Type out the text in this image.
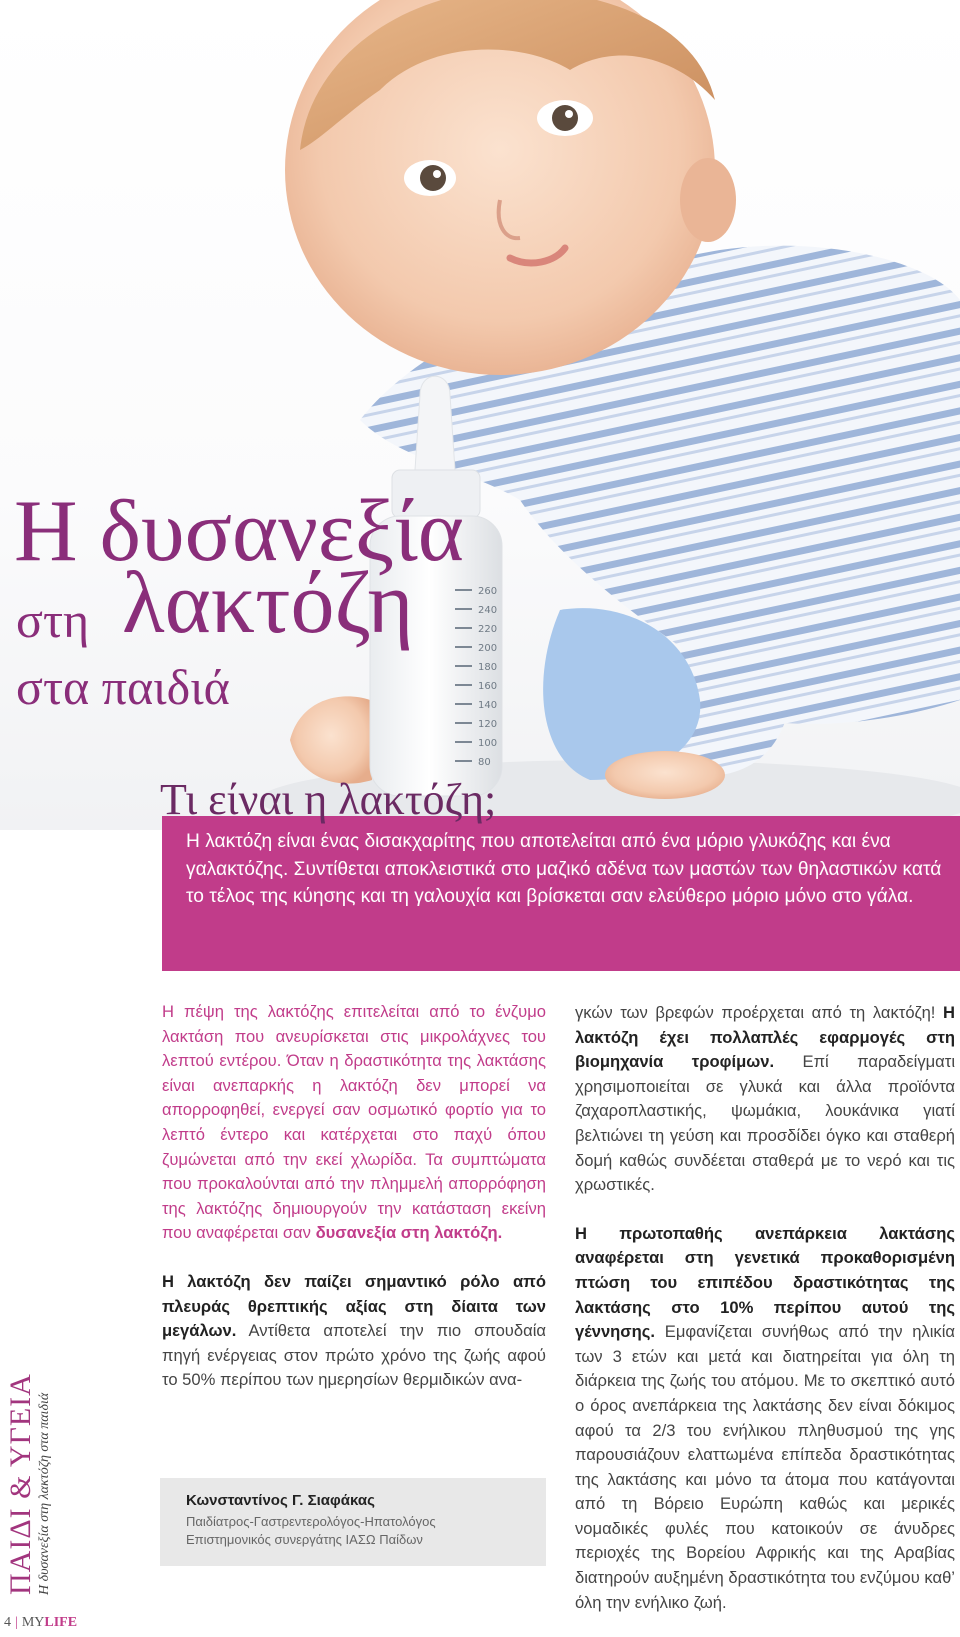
260
240
220
200
180
160
140
120
100
80
Η δυσανεξία
στη λακτόζη
στα παιδιά
Τι είναι η λακτόζη;

Η λακτόζη είναι ένας δισακχαρίτης που αποτελείται από ένα μόριο γλυκόζης και ένα γαλακτόζης. Συντίθεται αποκλειστικά στο μαζικό αδένα των μαστών των θηλαστικών κατά το τέλος της κύησης και τη γαλουχία και βρίσκεται σαν ελεύθερο μόριο μόνο στο γάλα.

Η πέψη της λακτόζης επιτελείται από το ένζυμο λακτάση που ανευρίσκεται στις μικρολάχνες του λεπτού εντέρου. Όταν η δραστικότητα της λακτάσης είναι ανεπαρκής η λακτόζη δεν μπορεί να απορροφηθεί, ενεργεί σαν οσμωτικό φορτίο για το λεπτό έντερο και κατέρχεται στο παχύ όπου ζυμώνεται από την εκεί χλωρίδα. Τα συμπτώματα που προκαλούνται από την πλημμελή απορρόφηση της λακτόζης δημιουργούν την κατάσταση εκείνη που αναφέρεται σαν δυσανεξία στη λακτόζη.

Η λακτόζη δεν παίζει σημαντικό ρόλο από πλευράς θρεπτικής αξίας στη δίαιτα των μεγάλων. Αντίθετα αποτελεί την πιο σπουδαία πηγή ενέργειας στον πρώτο χρόνο της ζωής αφού το 50% περίπου των ημερησίων θερμιδικών ανα-

γκών των βρεφών προέρχεται από τη λακτόζη! Η λακτόζη έχει πολλαπλές εφαρμογές στη βιομηχανία τροφίμων. Επί παραδείγματι χρησιμοποιείται σε γλυκά και άλλα προϊόντα ζαχαροπλαστικής, ψωμάκια, λουκάνικα γιατί βελτιώνει τη γεύση και προσδίδει όγκο και σταθερή δομή καθώς συνδέεται σταθερά με το νερό και τις χρωστικές.

Η πρωτοπαθής ανεπάρκεια λακτάσης αναφέρεται στη γενετικά προκαθορισμένη πτώση του επιπέδου δραστικότητας της λακτάσης στο 10% περίπου αυτού της γέννησης. Εμφανίζεται συνήθως από την ηλικία των 3 ετών και μετά και διατηρείται για όλη τη διάρκεια της ζωής του ατόμου. Με το σκεπτικό αυτό ο όρος ανεπάρκεια της λακτάσης δεν είναι δόκιμος αφού τα 2/3 του ενήλικου πληθυσμού της γης παρουσιάζουν ελαττωμένα επίπεδα δραστικότητας της λακτάσης και μόνο τα άτομα που κατάγονται από τη Βόρειο Ευρώπη καθώς και μερικές νομαδικές φυλές που κατοικούν σε άνυδρες περιοχές της Βορείου Αφρικής και της Αραβίας διατηρούν αυξημένη δραστικότητα του ενζύμου καθ’ όλη την ενήλικο ζωή.

Κωνσταντίνος Γ. Σιαφάκας
Παιδίατρος-Γαστρεντερολόγος-Ηπατολόγος
Επιστημονικός συνεργάτης ΙΑΣΩ Παίδων
ΠΑΙΔΙ & ΥΓΕΙΑ Η δυσανεξία στη λακτόζη στα παιδιά
4 | MYLIFE
